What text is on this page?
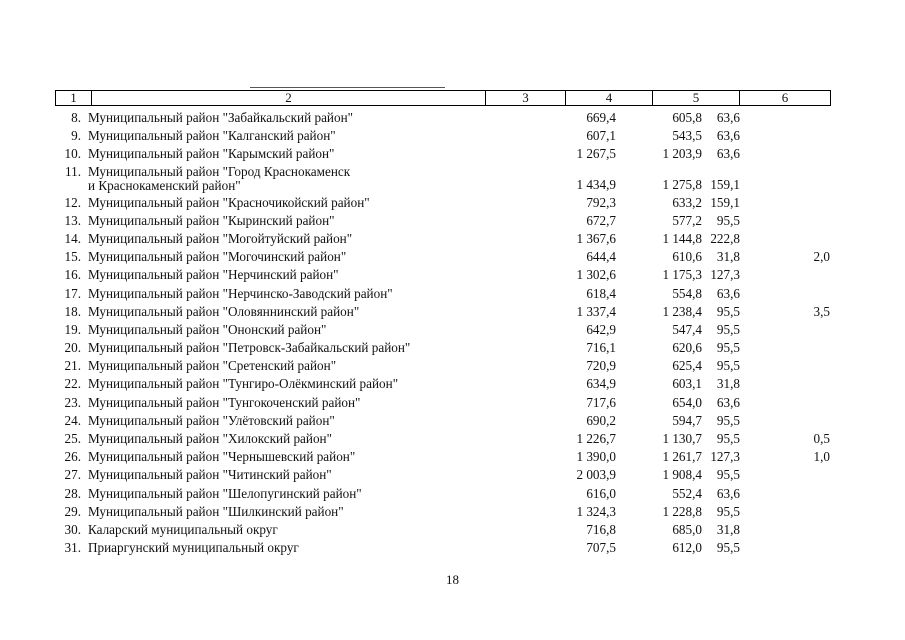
1	2	3	4	5	6
8. Муниципальный район "Забайкальский район"	669,4	605,8 63,6
9. Муниципальный район "Калганский район"	607,1	543,5 63,6
10. Муниципальный район "Карымский район"	1 267,5	1 203,9 63,6
11. Муниципальный район "Город Краснокаменск
и Краснокаменский район"	1 434,9	1 275,8 159,1
12. Муниципальный район "Красночикойский район"	792,3	633,2 159,1
13. Муниципальный район "Кыринский район"	672,7	577,2 95,5
14. Муниципальный район "Могойтуйский район"	1 367,6	1 144,8 222,8
15. Муниципальный район "Могочинский район"	644,4	610,6 31,8	2,0
16. Муниципальный район "Нерчинский район"	1 302,6	1 175,3 127,3
17. Муниципальный район "Нерчинско-Заводский район"	618,4	554,8 63,6
18. Муниципальный район "Оловяннинский район"	1 337,4	1 238,4 95,5	3,5
19. Муниципальный район "Ононский район"	642,9	547,4 95,5
20. Муниципальный район "Петровск-Забайкальский район"	716,1	620,6 95,5
21. Муниципальный район "Сретенский район"	720,9	625,4 95,5
22. Муниципальный район "Тунгиро-Олёкминский район"	634,9	603,1 31,8
23. Муниципальный район "Тунгокоченский район"	717,6	654,0 63,6
24. Муниципальный район "Улётовский район"	690,2	594,7 95,5
25. Муниципальный район "Хилокский район"	1 226,7	1 130,7 95,5	0,5
26. Муниципальный район "Чернышевский район"	1 390,0	1 261,7 127,3	1,0
27. Муниципальный район "Читинский район"	2 003,9	1 908,4 95,5
28. Муниципальный район "Шелопугинский район"	616,0	552,4 63,6
29. Муниципальный район "Шилкинский район"	1 324,3	1 228,8 95,5
30. Каларский муниципальный округ	716,8	685,0 31,8
31. Приаргунский муниципальный округ	707,5	612,0 95,5
18
